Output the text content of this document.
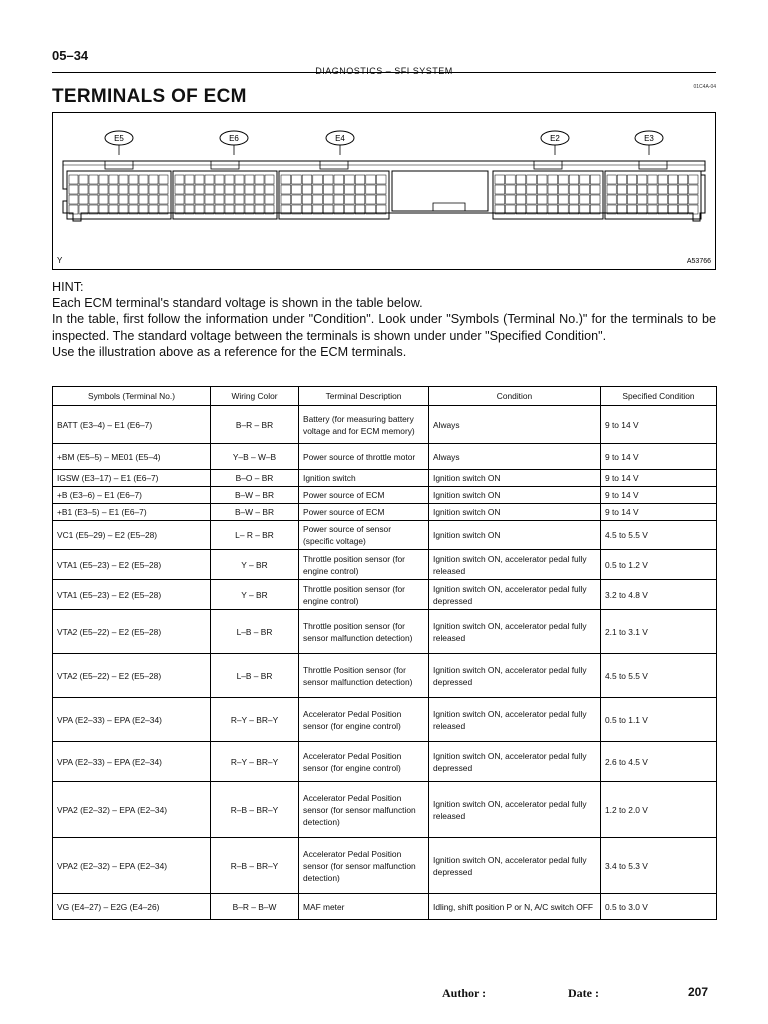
05–34
DIAGNOSTICS – SFI SYSTEM
01C4A-04
TERMINALS OF ECM
E5	E6	E4	E2	E3
Y	A53766

HINT:

Each ECM terminal's standard voltage is shown in the table below.

In the table, first follow the information under "Condition". Look under "Symbols (Terminal No.)" for the terminals to be inspected. The standard voltage between the terminals is shown under under "Specified Condition".

Use the illustration above as a reference for the ECM terminals.

Symbols (Terminal No.)	Wiring Color	Terminal Description	Condition	Specified Condition
BATT (E3–4) – E1 (E6–7)	B–R – BR	Battery (for measuring battery voltage and for ECM memory)	Always	9 to 14 V
+BM (E5–5) – ME01 (E5–4)	Y–B – W–B	Power source of throttle motor	Always	9 to 14 V
IGSW (E3–17) – E1 (E6–7)	B–O – BR	Ignition switch	Ignition switch ON	9 to 14 V
+B (E3–6) – E1 (E6–7)	B–W – BR	Power source of ECM	Ignition switch ON	9 to 14 V
+B1 (E3–5) – E1 (E6–7)	B–W – BR	Power source of ECM	Ignition switch ON	9 to 14 V
VC1 (E5–29) – E2 (E5–28)	L– R – BR	Power source of sensor (specific voltage)	Ignition switch ON	4.5 to 5.5 V
VTA1 (E5–23) – E2 (E5–28)	Y – BR	Throttle position sensor (for engine control)	Ignition switch ON, accelerator pedal fully released	0.5 to 1.2 V
VTA1 (E5–23) – E2 (E5–28)	Y – BR	Throttle position sensor (for engine control)	Ignition switch ON, accelerator pedal fully depressed	3.2 to 4.8 V
VTA2 (E5–22) – E2 (E5–28)	L–B – BR	Throttle position sensor (for sensor malfunction detection)	Ignition switch ON, accelerator pedal fully released	2.1 to 3.1 V
VTA2 (E5–22) – E2 (E5–28)	L–B – BR	Throttle Position sensor (for sensor malfunction detection)	Ignition switch ON, accelerator pedal fully depressed	4.5 to 5.5 V
VPA (E2–33) – EPA (E2–34)	R–Y – BR–Y	Accelerator Pedal Position sensor (for engine control)	Ignition switch ON, accelerator pedal fully released	0.5 to 1.1 V
VPA (E2–33) – EPA (E2–34)	R–Y – BR–Y	Accelerator Pedal Position sensor (for engine control)	Ignition switch ON, accelerator pedal fully depressed	2.6 to 4.5 V
VPA2 (E2–32) – EPA (E2–34)	R–B – BR–Y	Accelerator Pedal Position sensor (for sensor malfunction detection)	Ignition switch ON, accelerator pedal fully released	1.2 to 2.0 V
VPA2 (E2–32) – EPA (E2–34)	R–B – BR–Y	Accelerator Pedal Position sensor (for sensor malfunction detection)	Ignition switch ON, accelerator pedal fully depressed	3.4 to 5.3 V
VG (E4–27) – E2G (E4–26)	B–R – B–W	MAF meter	Idling, shift position P or N, A/C switch OFF	0.5 to 3.0 V
Author :	Date :	207
